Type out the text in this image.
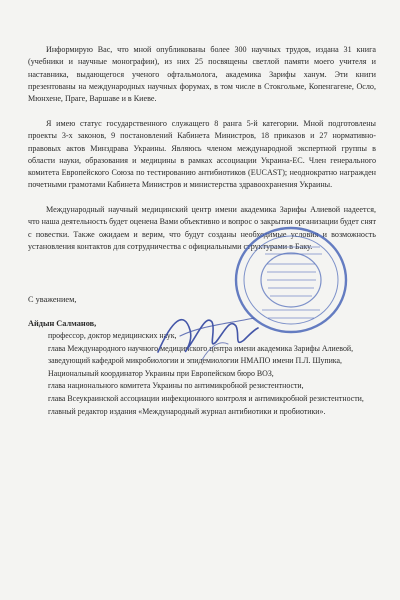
Информирую Вас, что мной опубликованы более 300 научных трудов, издана 31 книга (учебники и научные монографии), из них 25 посвящены светлой памяти моего учителя и наставника, выдающегося ученого офтальмолога, академика Зарифы ханум. Эти книги презентованы на международных научных форумах, в том числе в Стокгольме, Копенгагене, Осло, Мюнхене, Праге, Варшаве и в Киеве.

Я имею статус государственного служащего 8 ранга 5-й категории. Мной подготовлены проекты 3-х законов, 9 постановлений Кабинета Министров, 18 приказов и 27 нормативно-правовых актов Минздрава Украины. Являюсь членом международной экспертной группы в области науки, образования и медицины в рамках ассоциации Украина-ЕС. Член генерального комитета Европейского Союза по тестированию антибиотиков (EUCAST); неоднократно награжден почетными грамотами Кабинета Министров и министерства здравоохранения Украины.

Международный научный медицинский центр имени академика Зарифы Алиевой надеется, что наша деятельность будет оценена Вами объективно и вопрос о закрытии организации будет снят с повестки. Также ожидаем и верим, что будут созданы необходимые условия и возможность установления контактов для сотрудничества с официальными структурами в Баку.

С уважением,
Айдын Салманов,
профессор, доктор медицинских наук,
глава Международного научного медицинского центра имени академика Зарифы Алиевой,
заведующий кафедрой микробиологии и эпидемиологии НМАПО имени П.Л. Шупика,
Национальный координатор Украины при Европейском бюро ВОЗ,
глава национального комитета Украины по антимикробной резистентности,
глава Всеукраинской ассоциации инфекционного контроля и антимикробной резистентности,
главный редактор издания «Международный журнал антибиотики и пробиотики».
